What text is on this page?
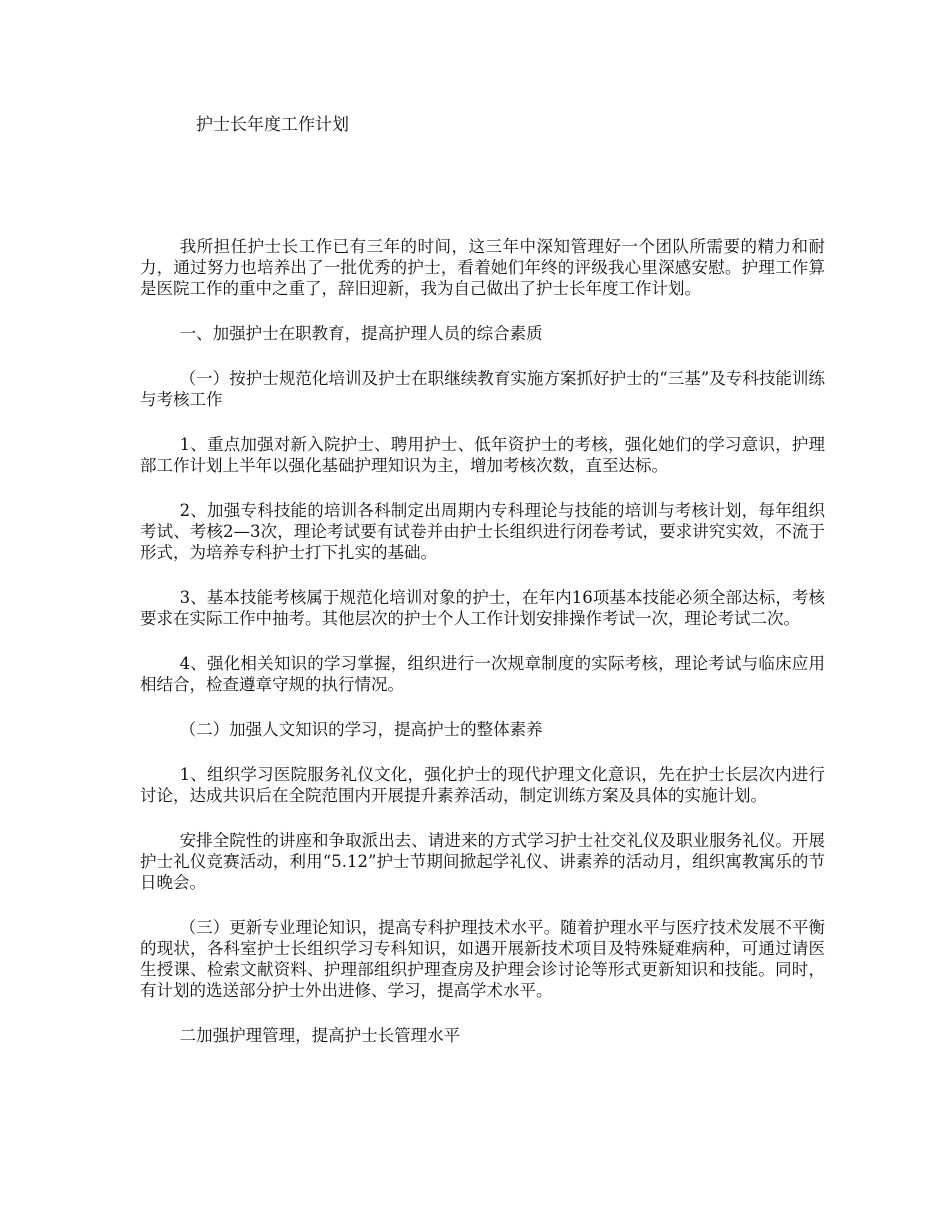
护士长年度工作计划

我所担任护士长工作已有三年的时间，这三年中深知管理好一个团队所需要的精力和耐力，通过努力也培养出了一批优秀的护士，看着她们年终的评级我心里深感安慰。护理工作算是医院工作的重中之重了，辞旧迎新，我为自己做出了护士长年度工作计划。

一、加强护士在职教育，提高护理人员的综合素质

（一）按护士规范化培训及护士在职继续教育实施方案抓好护士的“三基”及专科技能训练与考核工作

1、重点加强对新入院护士、聘用护士、低年资护士的考核，强化她们的学习意识，护理部工作计划上半年以强化基础护理知识为主，增加考核次数，直至达标。

2、加强专科技能的培训各科制定出周期内专科理论与技能的培训与考核计划，每年组织考试、考核2—3次，理论考试要有试卷并由护士长组织进行闭卷考试，要求讲究实效，不流于形式，为培养专科护士打下扎实的基础。

3、基本技能考核属于规范化培训对象的护士，在年内16项基本技能必须全部达标，考核要求在实际工作中抽考。其他层次的护士个人工作计划安排操作考试一次，理论考试二次。

4、强化相关知识的学习掌握，组织进行一次规章制度的实际考核，理论考试与临床应用相结合，检查遵章守规的执行情况。

（二）加强人文知识的学习，提高护士的整体素养

1、组织学习医院服务礼仪文化，强化护士的现代护理文化意识，先在护士长层次内进行讨论，达成共识后在全院范围内开展提升素养活动，制定训练方案及具体的实施计划。

安排全院性的讲座和争取派出去、请进来的方式学习护士社交礼仪及职业服务礼仪。开展护士礼仪竞赛活动，利用“5.12”护士节期间掀起学礼仪、讲素养的活动月，组织寓教寓乐的节日晚会。

（三）更新专业理论知识，提高专科护理技术水平。随着护理水平与医疗技术发展不平衡的现状，各科室护士长组织学习专科知识，如遇开展新技术项目及特殊疑难病种，可通过请医生授课、检索文献资料、护理部组织护理查房及护理会诊讨论等形式更新知识和技能。同时，有计划的选送部分护士外出进修、学习，提高学术水平。

二加强护理管理，提高护士长管理水平
